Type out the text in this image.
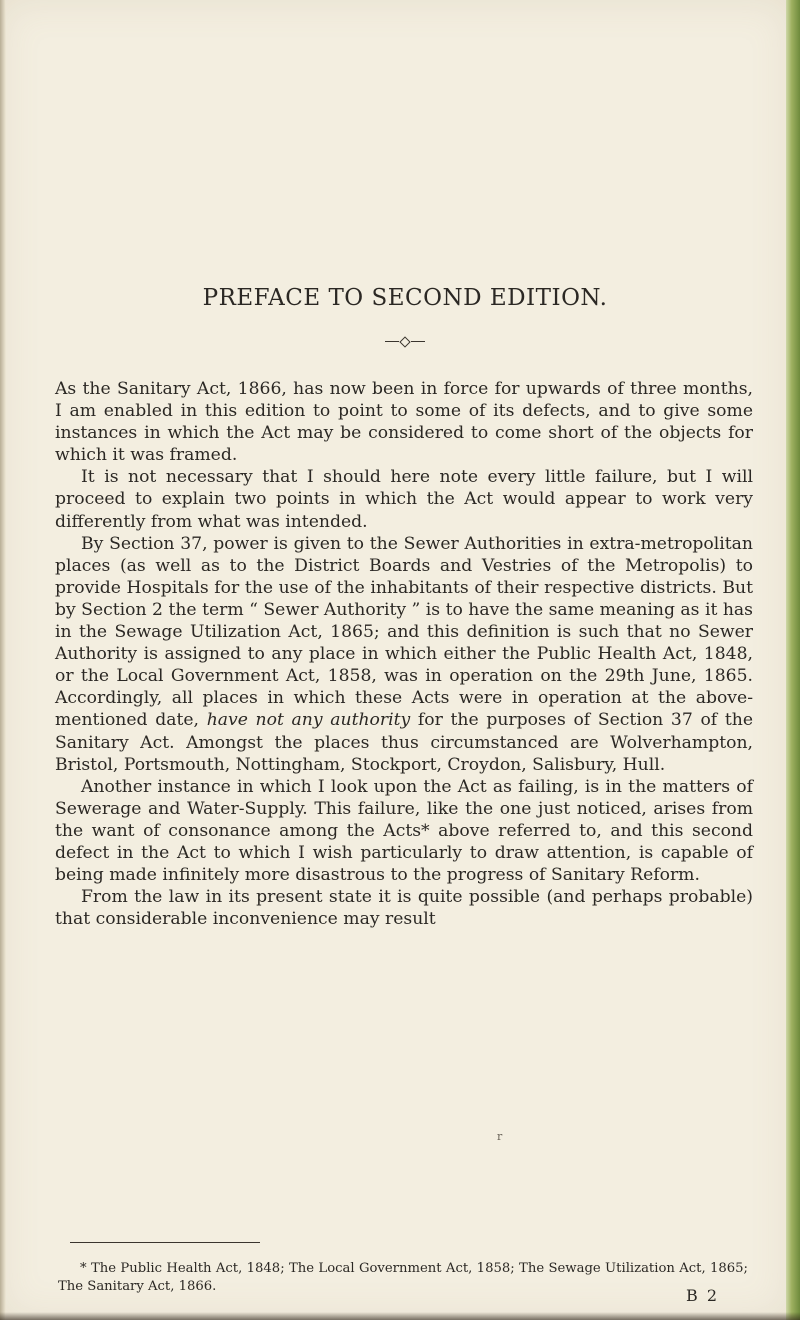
PREFACE TO SECOND EDITION.

As the Sanitary Act, 1866, has now been in force for upwards of three months, I am enabled in this edition to point to some of its defects, and to give some instances in which the Act may be considered to come short of the objects for which it was framed.

It is not necessary that I should here note every little failure, but I will proceed to explain two points in which the Act would appear to work very differently from what was intended.

By Section 37, power is given to the Sewer Authorities in extra-metropolitan places (as well as to the District Boards and Vestries of the Metropolis) to provide Hospitals for the use of the inhabitants of their respective districts. But by Section 2 the term “ Sewer Authority ” is to have the same meaning as it has in the Sewage Utilization Act, 1865; and this definition is such that no Sewer Authority is assigned to any place in which either the Public Health Act, 1848, or the Local Government Act, 1858, was in operation on the 29th June, 1865. Accordingly, all places in which these Acts were in operation at the above-mentioned date, have not any authority for the purposes of Section 37 of the Sanitary Act. Amongst the places thus circumstanced are Wolverhampton, Bristol, Portsmouth, Nottingham, Stockport, Croydon, Salisbury, Hull.

Another instance in which I look upon the Act as failing, is in the matters of Sewerage and Water-Supply. This failure, like the one just noticed, arises from the want of consonance among the Acts* above referred to, and this second defect in the Act to which I wish particularly to draw attention, is capable of being made infinitely more disastrous to the progress of Sanitary Reform.

From the law in its present state it is quite possible (and perhaps probable) that considerable inconvenience may result

r

* The Public Health Act, 1848; The Local Government Act, 1858; The Sewage Utilization Act, 1865; The Sanitary Act, 1866.	B 2
